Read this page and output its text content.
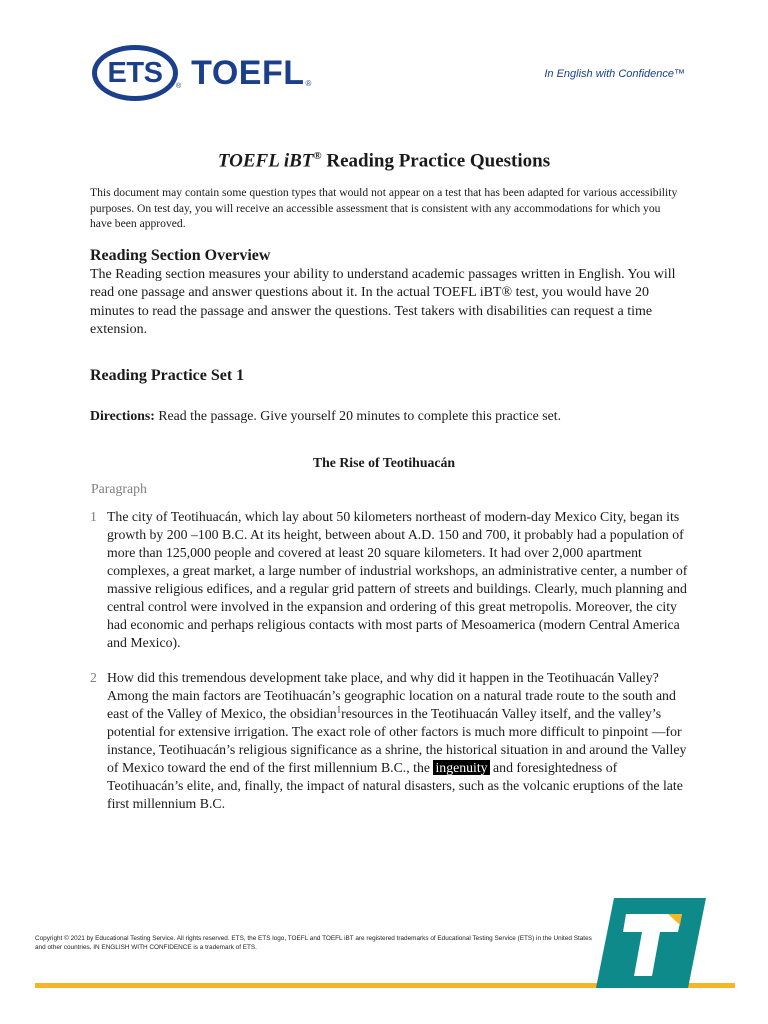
ETS ® TOEFL ®
In English with Confidence™
TOEFL iBT® Reading Practice Questions
This document may contain some question types that would not appear on a test that has been adapted for various accessibility purposes. On test day, you will receive an accessible assessment that is consistent with any accommodations for which you have been approved.
Reading Section Overview
The Reading section measures your ability to understand academic passages written in English. You will read one passage and answer questions about it. In the actual TOEFL iBT® test, you would have 20 minutes to read the passage and answer the questions. Test takers with disabilities can request a time extension.
Reading Practice Set 1
Directions: Read the passage. Give yourself 20 minutes to complete this practice set.
The Rise of Teotihuacán
Paragraph
1 The city of Teotihuacán, which lay about 50 kilometers northeast of modern-day Mexico City, began its growth by 200 –100 B.C. At its height, between about A.D. 150 and 700, it probably had a population of more than 125,000 people and covered at least 20 square kilometers. It had over 2,000 apartment complexes, a great market, a large number of industrial workshops, an administrative center, a number of massive religious edifices, and a regular grid pattern of streets and buildings. Clearly, much planning and central control were involved in the expansion and ordering of this great metropolis. Moreover, the city had economic and perhaps religious contacts with most parts of Mesoamerica (modern Central America and Mexico).
2 How did this tremendous development take place, and why did it happen in the Teotihuacán Valley? Among the main factors are Teotihuacán’s geographic location on a natural trade route to the south and east of the Valley of Mexico, the obsidian$^1$resources in the Teotihuacán Valley itself, and the valley’s potential for extensive irrigation. The exact role of other factors is much more difficult to pinpoint —for instance, Teotihuacán’s religious significance as a shrine, the historical situation in and around the Valley of Mexico toward the end of the first millennium B.C., the ingenuity and foresightedness of Teotihuacán’s elite, and, finally, the impact of natural disasters, such as the volcanic eruptions of the late first millennium B.C.
Copyright © 2021 by Educational Testing Service. All rights reserved. ETS, the ETS logo, TOEFL and TOEFL iBT are registered trademarks of Educational Testing Service (ETS) in the United States and other countries. IN ENGLISH WITH CONFIDENCE is a trademark of ETS.
